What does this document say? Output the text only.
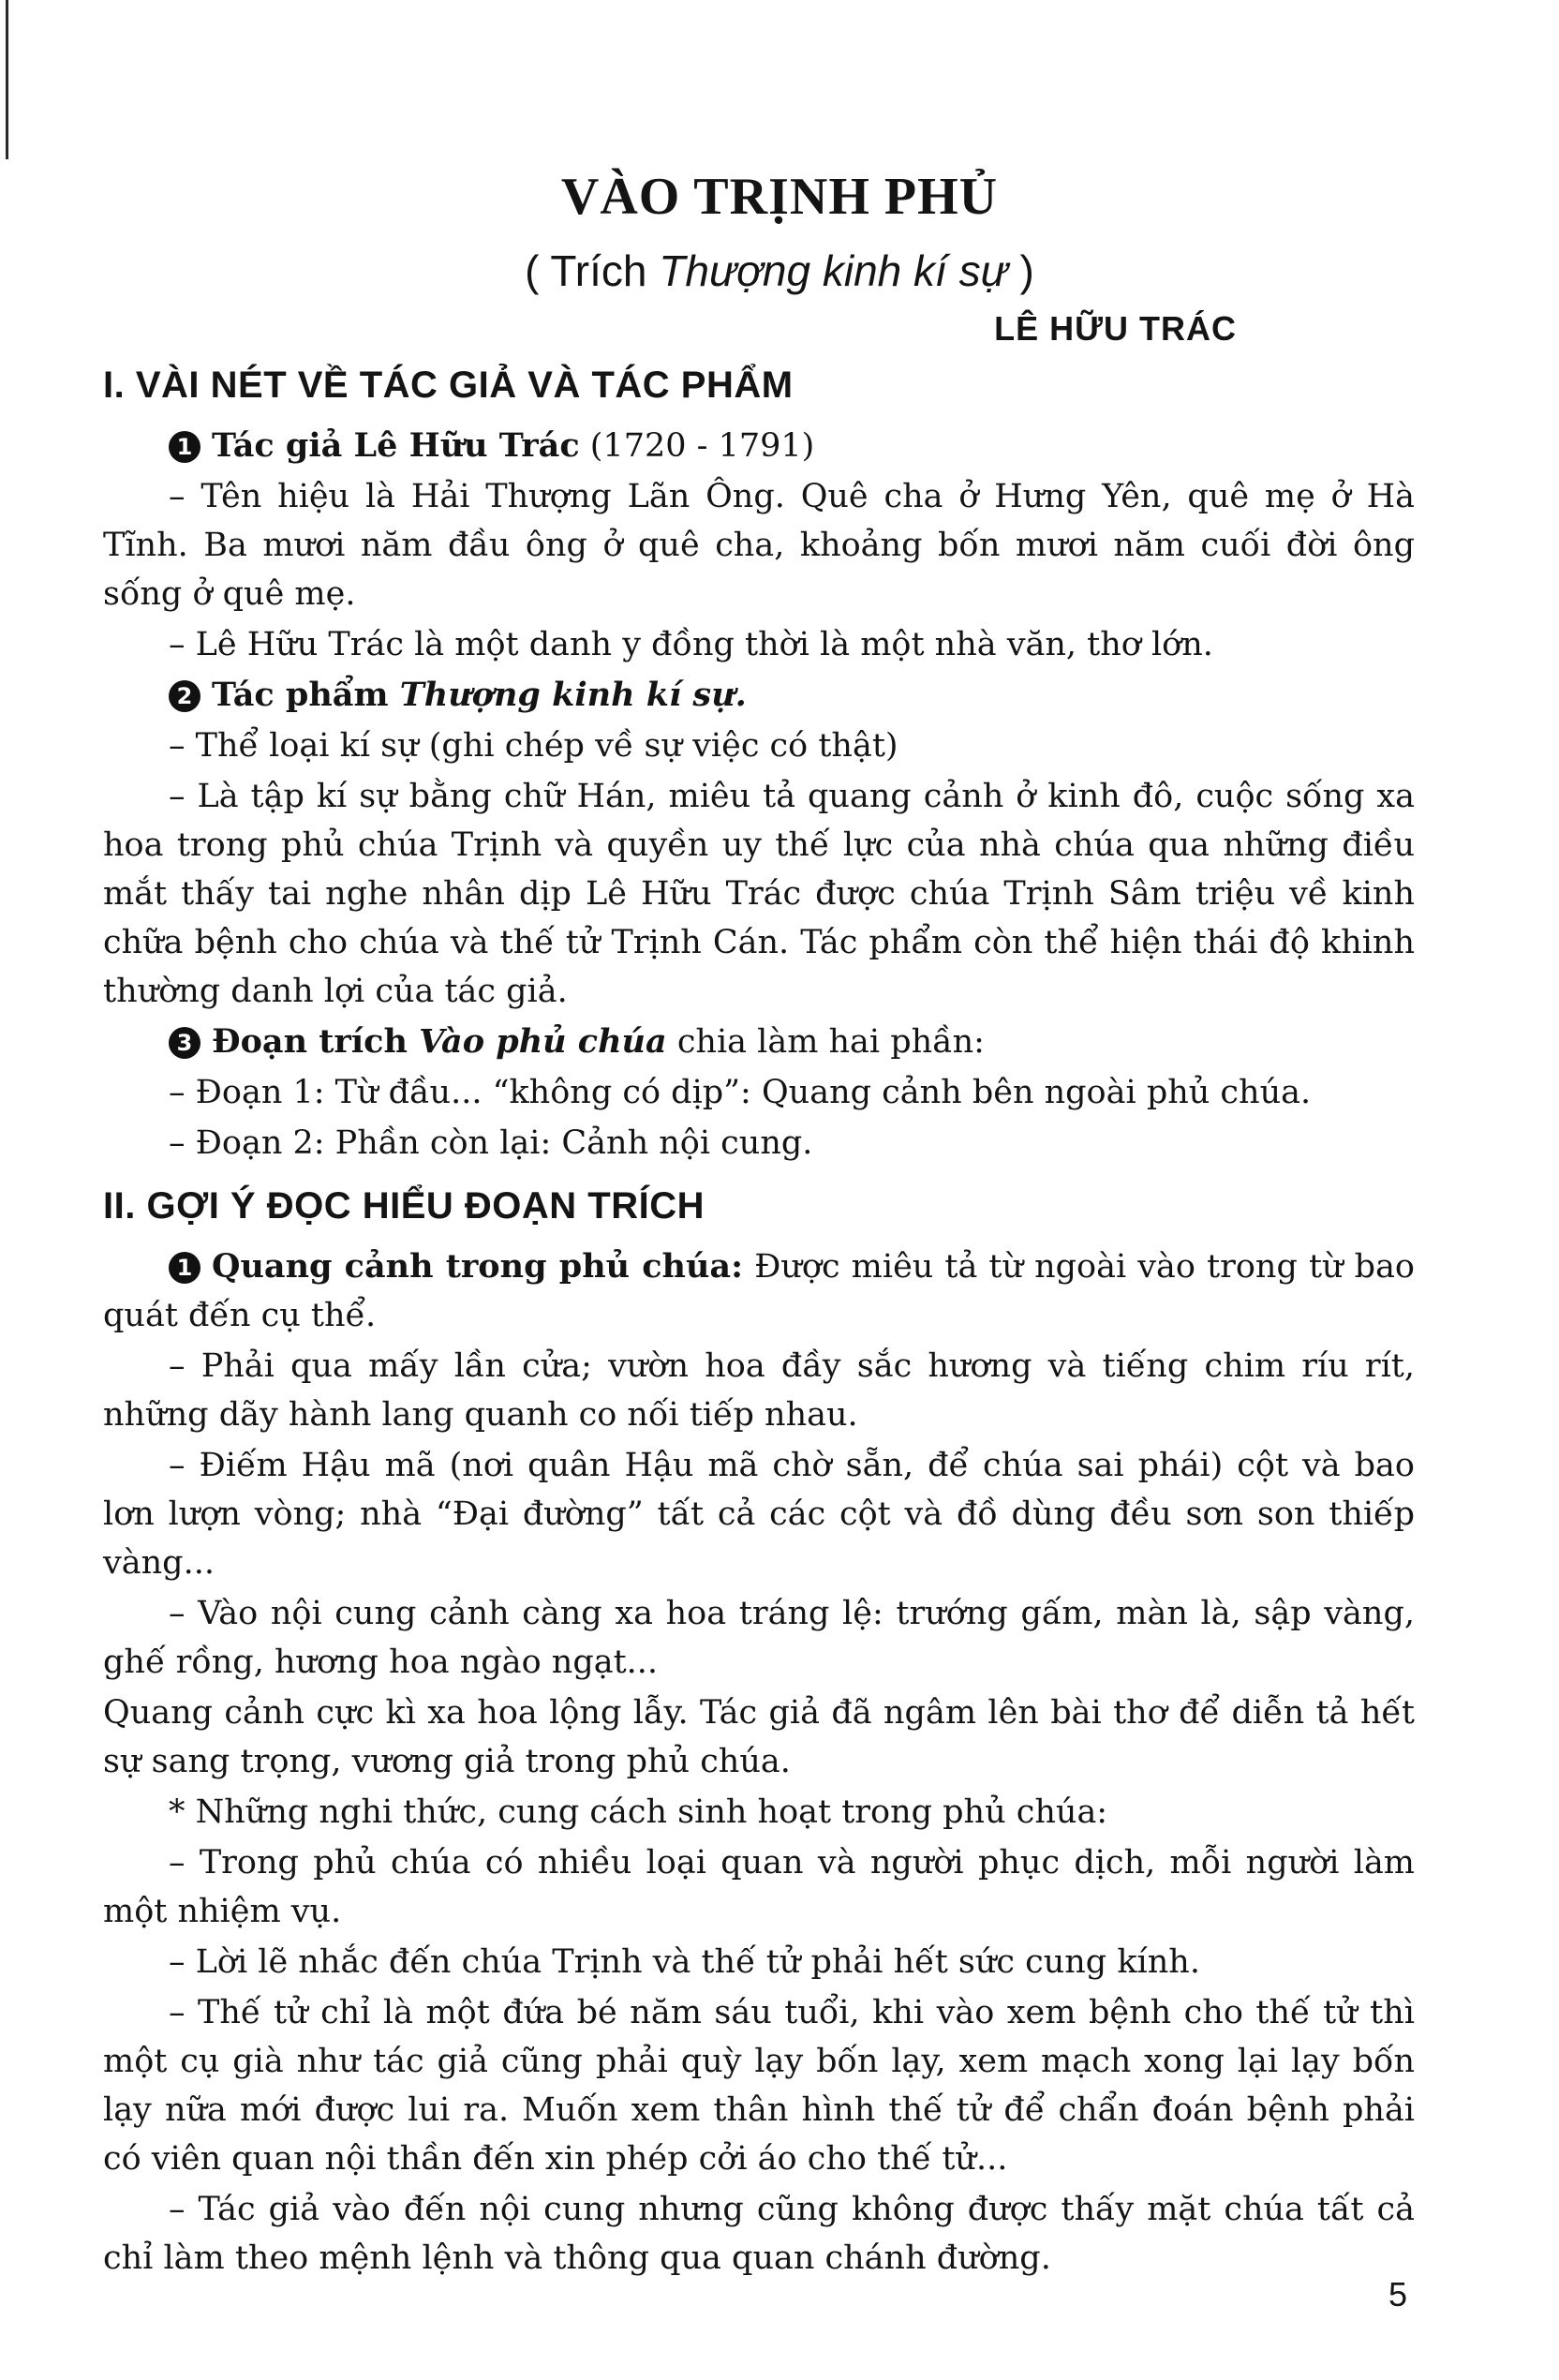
VÀO TRỊNH PHỦ
( Trích Thượng kinh kí sự )
LÊ HỮU TRÁC
I. VÀI NÉT VỀ TÁC GIẢ VÀ TÁC PHẨM
1 Tác giả Lê Hữu Trác (1720 - 1791)

– Tên hiệu là Hải Thượng Lãn Ông. Quê cha ở Hưng Yên, quê mẹ ở Hà Tĩnh. Ba mươi năm đầu ông ở quê cha, khoảng bốn mươi năm cuối đời ông sống ở quê mẹ.

– Lê Hữu Trác là một danh y đồng thời là một nhà văn, thơ lớn.

2 Tác phẩm Thượng kinh kí sự.

– Thể loại kí sự (ghi chép về sự việc có thật)

– Là tập kí sự bằng chữ Hán, miêu tả quang cảnh ở kinh đô, cuộc sống xa hoa trong phủ chúa Trịnh và quyền uy thế lực của nhà chúa qua những điều mắt thấy tai nghe nhân dịp Lê Hữu Trác được chúa Trịnh Sâm triệu về kinh chữa bệnh cho chúa và thế tử Trịnh Cán. Tác phẩm còn thể hiện thái độ khinh thường danh lợi của tác giả.

3 Đoạn trích Vào phủ chúa chia làm hai phần:

– Đoạn 1: Từ đầu... “không có dịp”: Quang cảnh bên ngoài phủ chúa.

– Đoạn 2: Phần còn lại: Cảnh nội cung.

II. GỢI Ý ĐỌC HIỂU ĐOẠN TRÍCH

1 Quang cảnh trong phủ chúa: Được miêu tả từ ngoài vào trong từ bao quát đến cụ thể.

– Phải qua mấy lần cửa; vườn hoa đầy sắc hương và tiếng chim ríu rít, những dãy hành lang quanh co nối tiếp nhau.

– Điếm Hậu mã (nơi quân Hậu mã chờ sẵn, để chúa sai phái) cột và bao lơn lượn vòng; nhà “Đại đường” tất cả các cột và đồ dùng đều sơn son thiếp vàng...

– Vào nội cung cảnh càng xa hoa tráng lệ: trướng gấm, màn là, sập vàng, ghế rồng, hương hoa ngào ngạt...

Quang cảnh cực kì xa hoa lộng lẫy. Tác giả đã ngâm lên bài thơ để diễn tả hết sự sang trọng, vương giả trong phủ chúa.

* Những nghi thức, cung cách sinh hoạt trong phủ chúa:

– Trong phủ chúa có nhiều loại quan và người phục dịch, mỗi người làm một nhiệm vụ.

– Lời lẽ nhắc đến chúa Trịnh và thế tử phải hết sức cung kính.

– Thế tử chỉ là một đứa bé năm sáu tuổi, khi vào xem bệnh cho thế tử thì một cụ già như tác giả cũng phải quỳ lạy bốn lạy, xem mạch xong lại lạy bốn lạy nữa mới được lui ra. Muốn xem thân hình thế tử để chẩn đoán bệnh phải có viên quan nội thần đến xin phép cởi áo cho thế tử...

– Tác giả vào đến nội cung nhưng cũng không được thấy mặt chúa tất cả chỉ làm theo mệnh lệnh và thông qua quan chánh đường.

5
